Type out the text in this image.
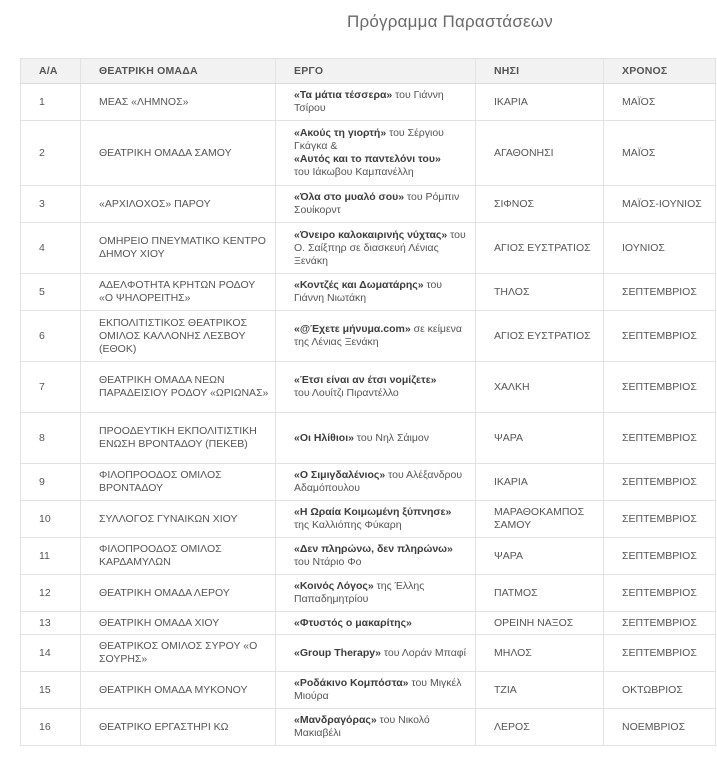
Πρόγραμμα Παραστάσεων
Α/Α	ΘΕΑΤΡΙΚΗ ΟΜΑΔΑ	ΕΡΓΟ	ΝΗΣΙ	ΧΡΟΝΟΣ
1	ΜΕΑΣ «ΛΗΜΝΟΣ»	«Τα μάτια τέσσερα» του Γιάννη Τσίρου	ΙΚΑΡΙΑ	ΜΑΪΟΣ
2	ΘΕΑΤΡΙΚΗ ΟΜΑΔΑ ΣΑΜΟΥ	«Ακούς τη γιορτή» του Σέργιου Γκάγκα &
«Αυτός και το παντελόνι του»
του Ιάκωβου Καμπανέλλη	ΑΓΑΘΟΝΗΣΙ	ΜΑΪΟΣ
3	«ΑΡΧΙΛΟΧΟΣ» ΠΑΡΟΥ	«Όλα στο μυαλό σου» του Ρόμπιν Σουίκορντ	ΣΙΦΝΟΣ	ΜΑΪΟΣ-ΙΟΥΝΙΟΣ
4	ΟΜΗΡΕΙΟ ΠΝΕΥΜΑΤΙΚΟ ΚΕΝΤΡΟ ΔΗΜΟΥ ΧΙΟΥ	«Όνειρο καλοκαιρινής νύχτας» του Ο. Σαίξπηρ σε διασκευή Λένιας Ξενάκη	ΑΓΙΟΣ ΕΥΣΤΡΑΤΙΟΣ	ΙΟΥΝΙΟΣ
5	ΑΔΕΛΦΟΤΗΤΑ ΚΡΗΤΩΝ ΡΟΔΟΥ «Ο ΨΗΛΟΡΕΙΤΗΣ»	«Κοντζές και Δωματάρης» του Γιάννη Νιωτάκη	ΤΗΛΟΣ	ΣΕΠΤΕΜΒΡΙΟΣ
6	ΕΚΠΟΛΙΤΙΣΤΙΚΟΣ ΘΕΑΤΡΙΚΟΣ ΟΜΙΛΟΣ ΚΑΛΛΟΝΗΣ ΛΕΣΒΟΥ (ΕΘΟΚ)	«@Έχετε μήνυμα.com» σε κείμενα της Λένιας Ξενάκη	ΑΓΙΟΣ ΕΥΣΤΡΑΤΙΟΣ	ΣΕΠΤΕΜΒΡΙΟΣ
7	ΘΕΑΤΡΙΚΗ ΟΜΑΔΑ ΝΕΩΝ ΠΑΡΑΔΕΙΣΙΟΥ ΡΟΔΟΥ «ΩΡΙΩΝΑΣ»	«Έτσι είναι αν έτσι νομίζετε»
του Λουίτζι Πιραντέλλο	ΧΑΛΚΗ	ΣΕΠΤΕΜΒΡΙΟΣ
8	ΠΡΟΟΔΕΥΤΙΚΗ ΕΚΠΟΛΙΤΙΣΤΙΚΗ ΕΝΩΣΗ ΒΡΟΝΤΑΔΟΥ (ΠΕΚΕΒ)	«Οι Ηλίθιοι» του Νηλ Σάιμον	ΨΑΡΑ	ΣΕΠΤΕΜΒΡΙΟΣ
9	ΦΙΛΟΠΡΟΟΔΟΣ ΟΜΙΛΟΣ ΒΡΟΝΤΑΔΟΥ	«Ο Σιμιγδαλένιος» του Αλέξανδρου Αδαμόπουλου	ΙΚΑΡΙΑ	ΣΕΠΤΕΜΒΡΙΟΣ
10	ΣΥΛΛΟΓΟΣ ΓΥΝΑΙΚΩΝ ΧΙΟΥ	«Η Ωραία Κοιμωμένη ξύπνησε»
της Καλλιόπης Φύκαρη	ΜΑΡΑΘΟΚΑΜΠΟΣ ΣΑΜΟΥ	ΣΕΠΤΕΜΒΡΙΟΣ
11	ΦΙΛΟΠΡΟΟΔΟΣ ΟΜΙΛΟΣ ΚΑΡΔΑΜΥΛΩΝ	«Δεν πληρώνω, δεν πληρώνω»
του Ντάριο Φο	ΨΑΡΑ	ΣΕΠΤΕΜΒΡΙΟΣ
12	ΘΕΑΤΡΙΚΗ ΟΜΑΔΑ ΛΕΡΟΥ	«Κοινός Λόγος» της Έλλης Παπαδημητρίου	ΠΑΤΜΟΣ	ΣΕΠΤΕΜΒΡΙΟΣ
13	ΘΕΑΤΡΙΚΗ ΟΜΑΔΑ ΧΙΟΥ	«Φτυστός ο μακαρίτης»	ΟΡΕΙΝΗ ΝΑΞΟΣ	ΣΕΠΤΕΜΒΡΙΟΣ
14	ΘΕΑΤΡΙΚΟΣ ΟΜΙΛΟΣ ΣΥΡΟΥ «Ο ΣΟΥΡΗΣ»	«Group Therapy» του Λοράν Μπαφί	ΜΗΛΟΣ	ΣΕΠΤΕΜΒΡΙΟΣ
15	ΘΕΑΤΡΙΚΗ ΟΜΑΔΑ ΜΥΚΟΝΟΥ	«Ροδάκινο Κομπόστα» του Μιγκέλ Μιούρα	ΤΖΙΑ	ΟΚΤΩΒΡΙΟΣ
16	ΘΕΑΤΡΙΚΟ ΕΡΓΑΣΤΗΡΙ ΚΩ	«Μανδραγόρας» του Νικολό Μακιαβέλι	ΛΕΡΟΣ	ΝΟΕΜΒΡΙΟΣ
